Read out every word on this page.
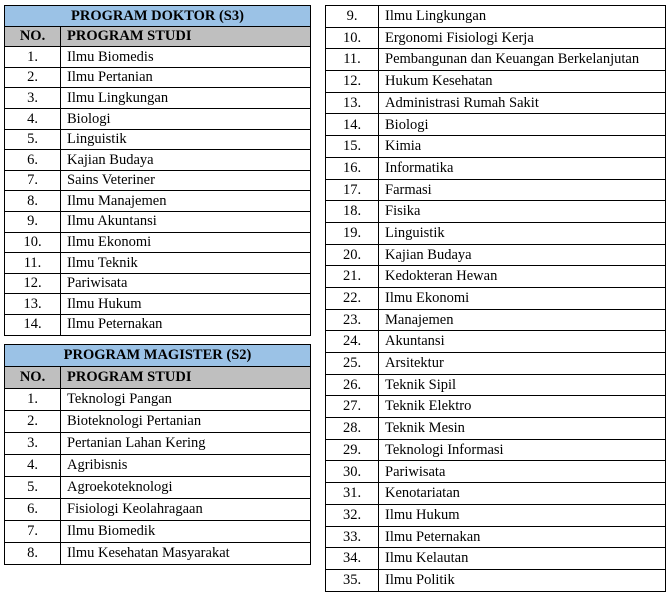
PROGRAM DOKTOR (S3)	
NO.	PROGRAM STUDI
1.	Ilmu Biomedis
2.	Ilmu Pertanian
3.	Ilmu Lingkungan
4.	Biologi
5.	Linguistik
6.	Kajian Budaya
7.	Sains Veteriner
8.	Ilmu Manajemen
9.	Ilmu Akuntansi
10.	Ilmu Ekonomi
11.	Ilmu Teknik
12.	Pariwisata
13.	Ilmu Hukum
14.	Ilmu Peternakan
PROGRAM MAGISTER (S2)	
NO.	PROGRAM STUDI
1.	Teknologi Pangan
2.	Bioteknologi Pertanian
3.	Pertanian Lahan Kering
4.	Agribisnis
5.	Agroekoteknologi
6.	Fisiologi Keolahragaan
7.	Ilmu Biomedik
8.	Ilmu Kesehatan Masyarakat
9.	Ilmu Lingkungan
10.	Ergonomi Fisiologi Kerja
11.	Pembangunan dan Keuangan Berkelanjutan
12.	Hukum Kesehatan
13.	Administrasi Rumah Sakit
14.	Biologi
15.	Kimia
16.	Informatika
17.	Farmasi
18.	Fisika
19.	Linguistik
20.	Kajian Budaya
21.	Kedokteran Hewan
22.	Ilmu Ekonomi
23.	Manajemen
24.	Akuntansi
25.	Arsitektur
26.	Teknik Sipil
27.	Teknik Elektro
28.	Teknik Mesin
29.	Teknologi Informasi
30.	Pariwisata
31.	Kenotariatan
32.	Ilmu Hukum
33.	Ilmu Peternakan
34.	Ilmu Kelautan
35.	Ilmu Politik
